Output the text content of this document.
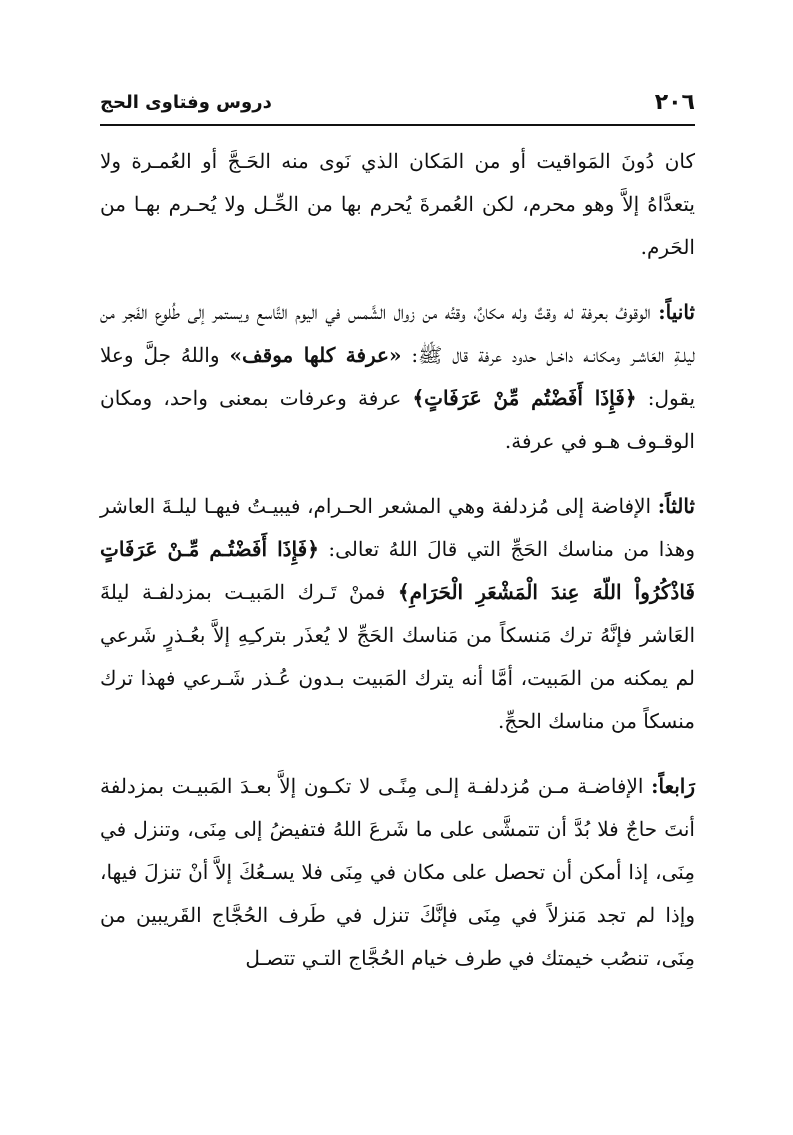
٢٠٦
دروس وفتاوى الحج

كان دُونَ المَواقيت أو من المَكان الذي نَوى منه الحَـجَّ أو العُمـرة ولا يتعدَّاهُ إلاَّ وهو محرم، لكن العُمرةَ يُحرم بها من الحِّـل ولا يُحـرم بهـا من الحَرم.

ثانياً: الوقوفُ بعرفة له وقتٌ وله مكانٌ، وقتُه من زوال الشَّمس في اليوم التَّاسع ويستمر إلى طُلوع الفَجر من ليلـةِ العَاشـر ومكانـه داخـل حدود عرفة قال ﷺ: «عرفة كلها موقف» واللهُ جلَّ وعلا يقول: ﴿فَإِذَا أَفَضْتُم مِّنْ عَرَفَاتٍ﴾ عرفة وعرفات بمعنى واحد، ومكان الوقـوف هـو في عرفة.

ثالثاً: الإفاضة إلى مُزدلفة وهي المشعر الحـرام، فيبيـتُ فيهـا ليلـةَ العاشر وهذا من مناسك الحَجِّ التي قالَ اللهُ تعالى: ﴿فَإِذَا أَفَضْتُـم مِّـنْ عَرَفَاتٍ فَاذْكُرُواْ اللّهَ عِندَ الْمَشْعَرِ الْحَرَامِ﴾ فمنْ تَـرك المَبيـت بمزدلفـة ليلةَ العَاشر فإنَّهُ ترك مَنسكاً من مَناسك الحَجِّ لا يُعذَر بتركـِهِ إلاَّ بعُـذرٍ شَرعي لم يمكنه من المَبيت، أمَّا أنه يترك المَبيت بـدون عُـذر شَـرعي فهذا ترك منسكاً من مناسك الحجِّ.

رَابعاً: الإفاضـة مـن مُزدلفـة إلـى مِنًـى لا تكـون إلاَّ بعـدَ المَبيـت بمزدلفة أنتَ حاجٌ فلا بُدَّ أن تتمشَّى على ما شَرعَ اللهُ فتفيضُ إلى مِنَى، وتنزل في مِنَى، إذا أمكن أن تحصل على مكان في مِنَى فلا يسـعُكَ إلاَّ أنْ تنزلَ فيها، وإذا لم تجد مَنزلاً في مِنَى فإنَّكَ تنزل في طَرف الحُجَّاج القَريبين من مِنَى، تنصُب خيمتك في طرف خيام الحُجَّاج التـي تتصـل
